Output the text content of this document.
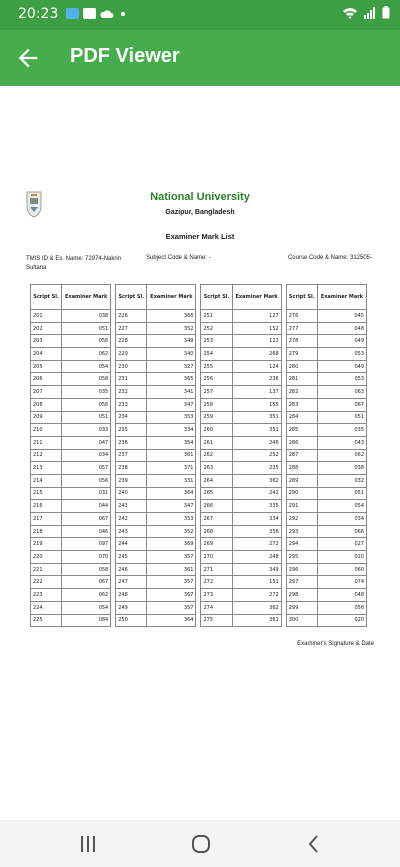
20:23
PDF Viewer
National University
Gazipur, Bangladesh
Examiner Mark List
TMIS ID & Ex. Name: 72974-Nakrin Sultana
Subject Code & Name: -	Course Code & Name: 312505-
Script Sl.	Examiner Mark		Script Sl.	Examiner Mark		Script Sl.	Examiner Mark		Script Sl.	Examiner Mark
201	038		226	366		251	127		276	045
202	051		227	352		252	152		277	048
203	056		228	349		253	122		278	049
204	062		229	340		254	268		279	053
205	054		230	327		255	124		280	049
206	058		231	365		256	236		281	053
207	035		232	341		257	137		282	063
208	056		233	347		258	155		283	067
209	051		234	353		259	351		284	051
210	033		235	334		260	351		285	035
211	047		236	354		261	246		286	043
212	034		237	361		262	252		287	062
213	057		238	371		263	235		288	038
214	056		239	331		264	362		289	032
215	031		240	364		265	242		290	051
216	044		241	347		266	335		291	054
217	067		242	353		267	334		292	034
218	046		243	352		268	356		293	066
219	097		244	369		269	272		294	027
220	070		245	357		270	248		295	020
221	058		246	361		271	349		296	060
222	067		247	357		272	151		297	074
223	062		248	367		273	272		298	048
224	054		249	357		274	362		299	056
225	084		250	364		275	361		300	020
Examiner's Signature & Date
